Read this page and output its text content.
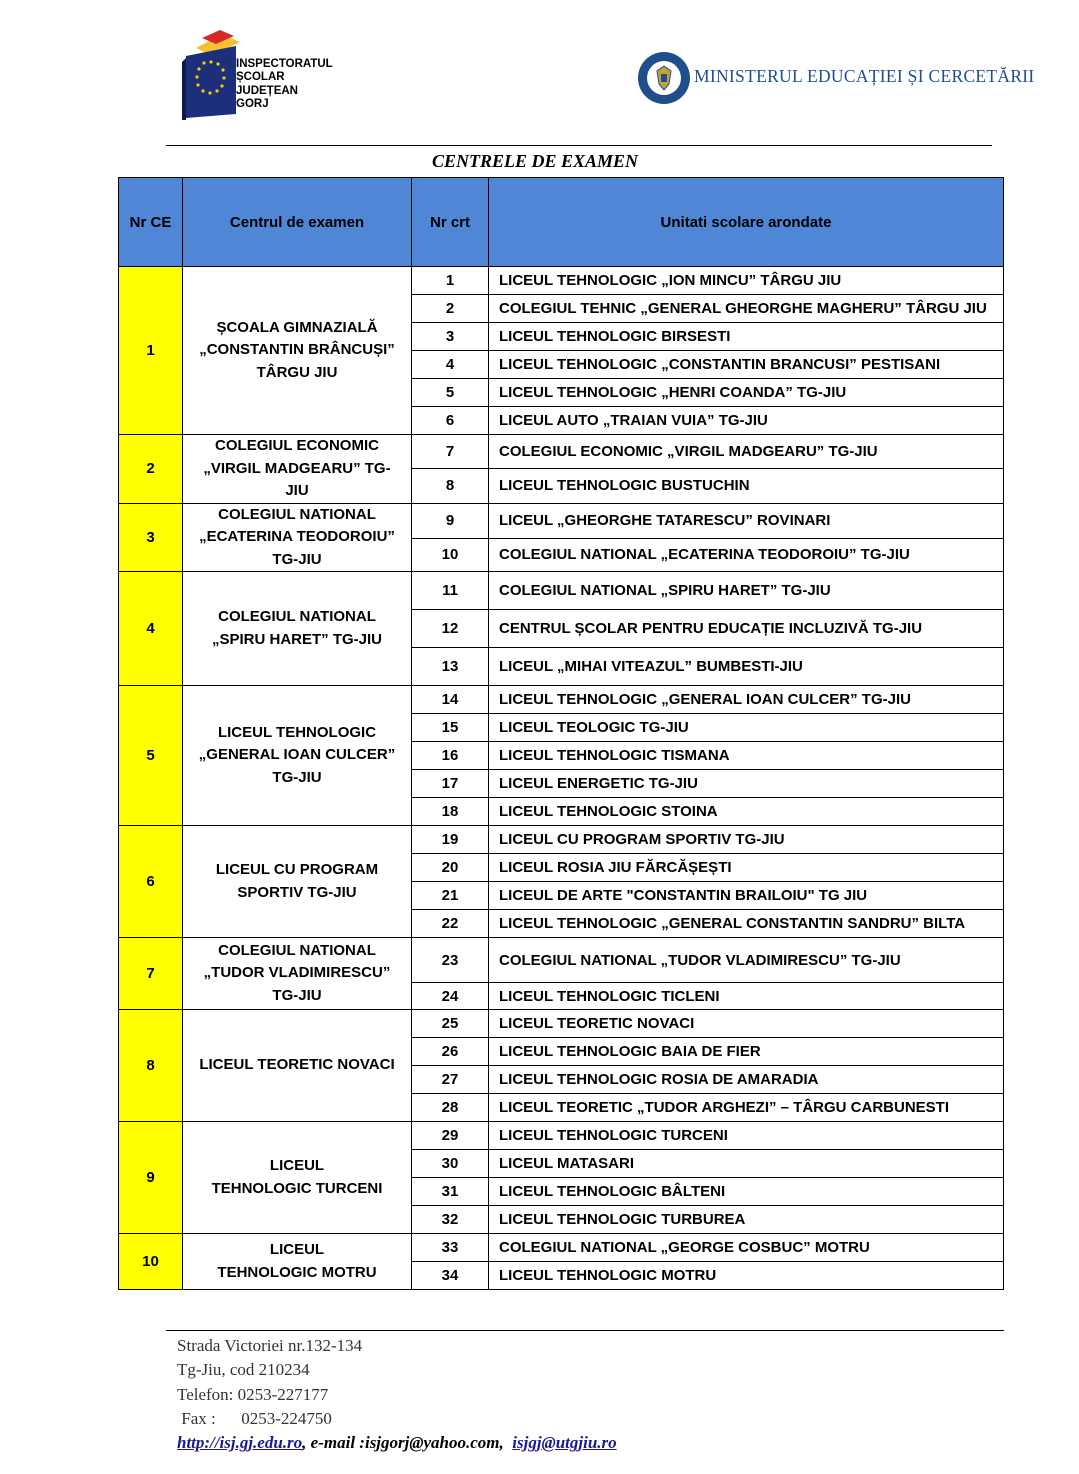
INSPECTORATUL
ȘCOLAR
JUDEȚEAN
GORJ
MINISTERUL EDUCAȚIEI ȘI CERCETĂRII
CENTRELE DE EXAMEN
Nr CE	Centrul de examen	Nr crt	Unitati scolare arondate
1	ȘCOALA GIMNAZIALĂ
„CONSTANTIN BRÂNCUȘI”
TÂRGU JIU	1	LICEUL TEHNOLOGIC „ION MINCU” TÂRGU JIU
		2	COLEGIUL TEHNIC „GENERAL GHEORGHE MAGHERU” TÂRGU JIU
		3	LICEUL TEHNOLOGIC BIRSESTI
		4	LICEUL TEHNOLOGIC „CONSTANTIN BRANCUSI” PESTISANI
		5	LICEUL TEHNOLOGIC „HENRI COANDA” TG-JIU
		6	LICEUL AUTO „TRAIAN VUIA” TG-JIU
2	COLEGIUL ECONOMIC
„VIRGIL MADGEARU” TG-
JIU	7	COLEGIUL ECONOMIC „VIRGIL MADGEARU” TG-JIU
		8	LICEUL TEHNOLOGIC BUSTUCHIN
3	COLEGIUL NATIONAL
„ECATERINA TEODOROIU”
TG-JIU	9	LICEUL „GHEORGHE TATARESCU” ROVINARI
		10	COLEGIUL NATIONAL „ECATERINA TEODOROIU” TG-JIU
4	COLEGIUL NATIONAL
„SPIRU HARET” TG-JIU	11	COLEGIUL NATIONAL „SPIRU HARET” TG-JIU
		12	CENTRUL ȘCOLAR PENTRU EDUCAȚIE INCLUZIVĂ TG-JIU
		13	LICEUL „MIHAI VITEAZUL” BUMBESTI-JIU
5	LICEUL TEHNOLOGIC
„GENERAL IOAN CULCER”
TG-JIU	14	LICEUL TEHNOLOGIC „GENERAL IOAN CULCER” TG-JIU
		15	LICEUL TEOLOGIC TG-JIU
		16	LICEUL TEHNOLOGIC TISMANA
		17	LICEUL ENERGETIC TG-JIU
		18	LICEUL TEHNOLOGIC STOINA
6	LICEUL CU PROGRAM
SPORTIV TG-JIU	19	LICEUL CU PROGRAM SPORTIV TG-JIU
		20	LICEUL ROSIA JIU FĂRCĂȘEȘTI
		21	LICEUL DE ARTE "CONSTANTIN BRAILOIU" TG JIU
		22	LICEUL TEHNOLOGIC „GENERAL CONSTANTIN SANDRU” BILTA
7	COLEGIUL NATIONAL
„TUDOR VLADIMIRESCU”
TG-JIU	23	COLEGIUL NATIONAL „TUDOR VLADIMIRESCU” TG-JIU
		24	LICEUL TEHNOLOGIC TICLENI
8	LICEUL TEORETIC NOVACI	25	LICEUL TEORETIC NOVACI
		26	LICEUL TEHNOLOGIC BAIA DE FIER
		27	LICEUL TEHNOLOGIC ROSIA DE AMARADIA
		28	LICEUL TEORETIC „TUDOR ARGHEZI” – TÂRGU CARBUNESTI
9	LICEUL
TEHNOLOGIC TURCENI	29	LICEUL TEHNOLOGIC TURCENI
		30	LICEUL MATASARI
		31	LICEUL TEHNOLOGIC BÂLTENI
		32	LICEUL TEHNOLOGIC TURBUREA
10	LICEUL
TEHNOLOGIC MOTRU	33	COLEGIUL NATIONAL „GEORGE COSBUC” MOTRU
		34	LICEUL TEHNOLOGIC MOTRU
Strada Victoriei nr.132-134
Tg-Jiu, cod 210234
Telefon: 0253-227177
Fax :      0253-224750
http://isj.gj.edu.ro, e-mail :isjgorj@yahoo.com,  isjgj@utgjiu.ro
